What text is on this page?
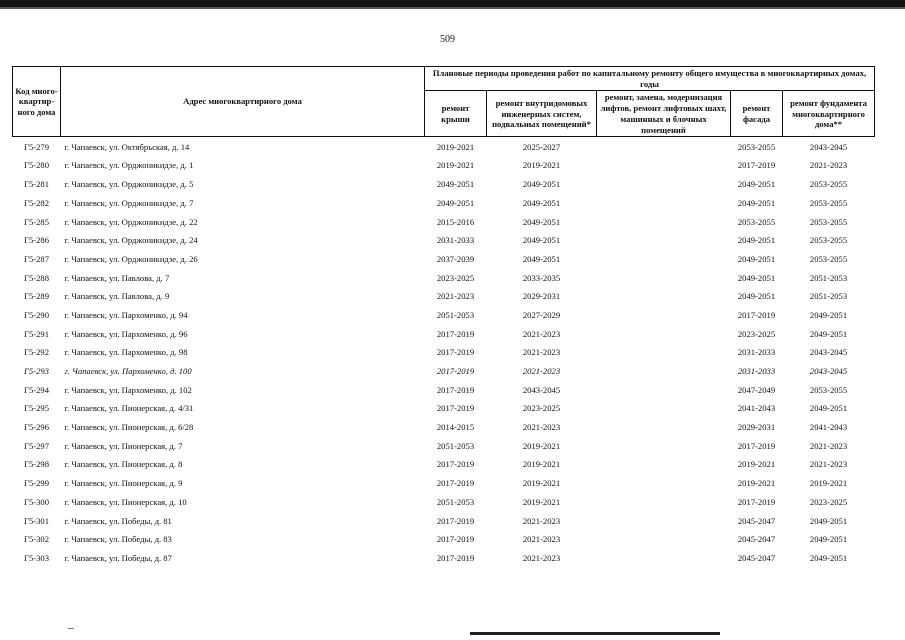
509
Код много-квартир-ного дома	Адрес многоквартирного дома	Плановые периоды проведения работ по капитальному ремонту общего имущества в многоквартирных домах, годы				
		ремонт крыши	ремонт внутридомовых инженерных систем, подвальных помещений*	ремонт, замена, модернизация лифтов, ремонт лифтовых шахт, машинных и блочных помещений	ремонт фасада	ремонт фундамента многоквартирного дома**
Г5-279	г. Чапаевск, ул. Октябрьская, д. 14	2019-2021	2025-2027		2053-2055	2043-2045
Г5-280	г. Чапаевск, ул. Орджоникидзе, д. 1	2019-2021	2019-2021		2017-2019	2021-2023
Г5-281	г. Чапаевск, ул. Орджоникидзе, д. 5	2049-2051	2049-2051		2049-2051	2053-2055
Г5-282	г. Чапаевск, ул. Орджоникидзе, д. 7	2049-2051	2049-2051		2049-2051	2053-2055
Г5-285	г. Чапаевск, ул. Орджоникидзе, д. 22	2015-2016	2049-2051		2053-2055	2053-2055
Г5-286	г. Чапаевск, ул. Орджоникидзе, д. 24	2031-2033	2049-2051		2049-2051	2053-2055
Г5-287	г. Чапаевск, ул. Орджоникидзе, д. 26	2037-2039	2049-2051		2049-2051	2053-2055
Г5-288	г. Чапаевск, ул. Павлова, д. 7	2023-2025	2033-2035		2049-2051	2051-2053
Г5-289	г. Чапаевск, ул. Павлова, д. 9	2021-2023	2029-2031		2049-2051	2051-2053
Г5-290	г. Чапаевск, ул. Пархоменко, д. 94	2051-2053	2027-2029		2017-2019	2049-2051
Г5-291	г. Чапаевск, ул. Пархоменко, д. 96	2017-2019	2021-2023		2023-2025	2049-2051
Г5-292	г. Чапаевск, ул. Пархоменко, д. 98	2017-2019	2021-2023		2031-2033	2043-2045
Г5-293	г. Чапаевск, ул. Пархоменко, д. 100	2017-2019	2021-2023		2031-2033	2043-2045
Г5-294	г. Чапаевск, ул. Пархоменко, д. 102	2017-2019	2043-2045		2047-2049	2053-2055
Г5-295	г. Чапаевск, ул. Пионерская, д. 4/31	2017-2019	2023-2025		2041-2043	2049-2051
Г5-296	г. Чапаевск, ул. Пионерская, д. 6/28	2014-2015	2021-2023		2029-2031	2041-2043
Г5-297	г. Чапаевск, ул. Пионерская, д. 7	2051-2053	2019-2021		2017-2019	2021-2023
Г5-298	г. Чапаевск, ул. Пионерская, д. 8	2017-2019	2019-2021		2019-2021	2021-2023
Г5-299	г. Чапаевск, ул. Пионерская, д. 9	2017-2019	2019-2021		2019-2021	2019-2021
Г5-300	г. Чапаевск, ул. Пионерская, д. 10	2051-2053	2019-2021		2017-2019	2023-2025
Г5-301	г. Чапаевск, ул. Победы, д. 81	2017-2019	2021-2023		2045-2047	2049-2051
Г5-302	г. Чапаевск, ул. Победы, д. 83	2017-2019	2021-2023		2045-2047	2049-2051
Г5-303	г. Чапаевск, ул. Победы, д. 87	2017-2019	2021-2023		2045-2047	2049-2051
